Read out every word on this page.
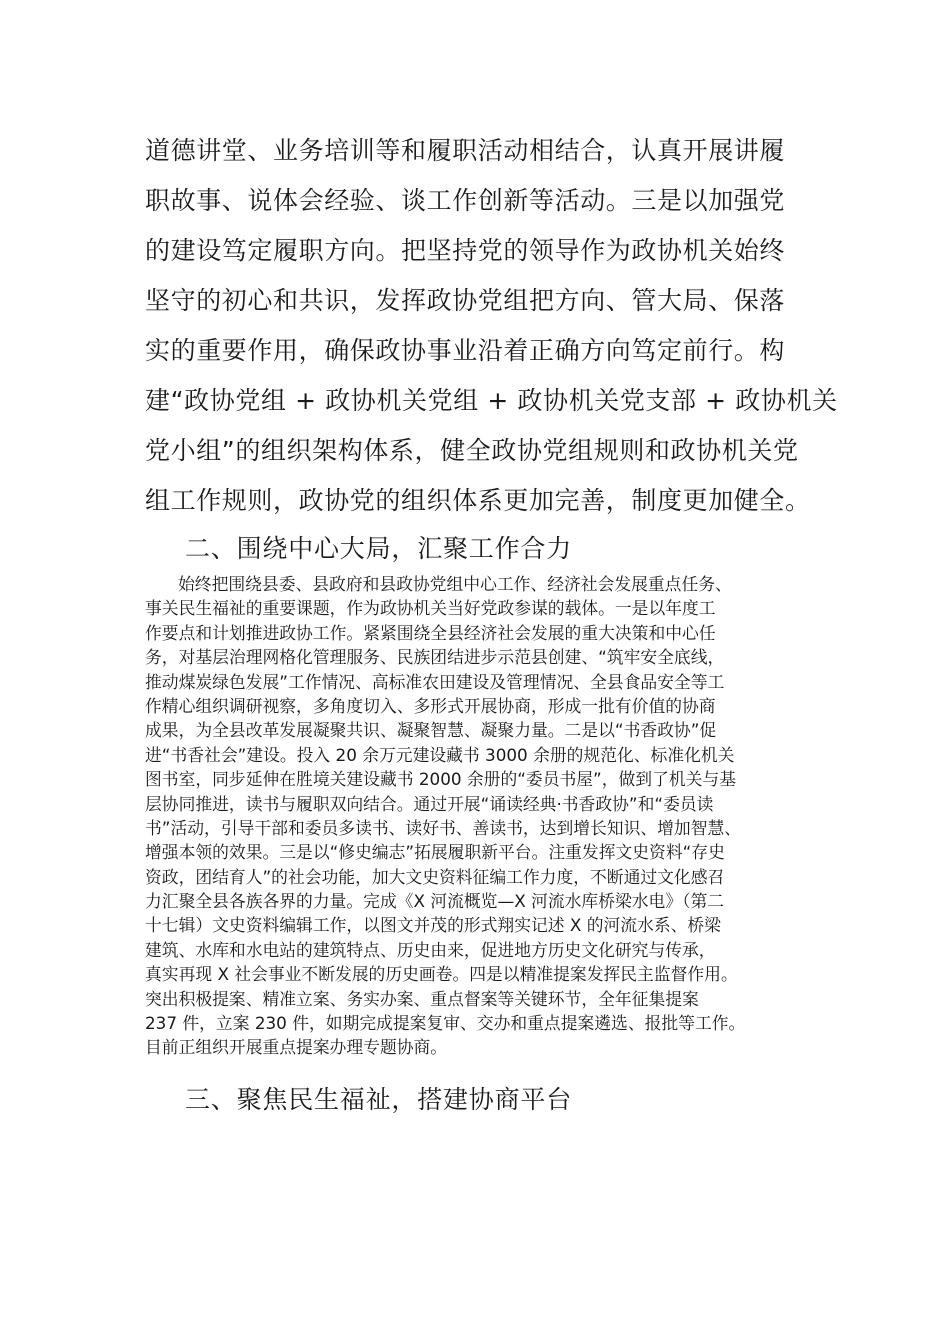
道德讲堂、业务培训等和履职活动相结合，认真开展讲履
职故事、说体会经验、谈工作创新等活动。三是以加强党
的建设笃定履职方向。把坚持党的领导作为政协机关始终
坚守的初心和共识，发挥政协党组把方向、管大局、保落
实的重要作用，确保政协事业沿着正确方向笃定前行。构
建“政协党组 + 政协机关党组 + 政协机关党支部 + 政协机关
党小组”的组织架构体系，健全政协党组规则和政协机关党
组工作规则，政协党的组织体系更加完善，制度更加健全。
二、围绕中心大局，汇聚工作合力
始终把围绕县委、县政府和县政协党组中心工作、经济社会发展重点任务、
事关民生福祉的重要课题，作为政协机关当好党政参谋的载体。一是以年度工
作要点和计划推进政协工作。紧紧围绕全县经济社会发展的重大决策和中心任
务，对基层治理网格化管理服务、民族团结进步示范县创建、“筑牢安全底线，
推动煤炭绿色发展”工作情况、高标准农田建设及管理情况、全县食品安全等工
作精心组织调研视察，多角度切入、多形式开展协商，形成一批有价值的协商
成果，为全县改革发展凝聚共识、凝聚智慧、凝聚力量。二是以“书香政协”促
进“书香社会”建设。投入 20 余万元建设藏书 3000 余册的规范化、标准化机关
图书室，同步延伸在胜境关建设藏书 2000 余册的“委员书屋”，做到了机关与基
层协同推进，读书与履职双向结合。通过开展“诵读经典·书香政协”和“委员读
书”活动，引导干部和委员多读书、读好书、善读书，达到增长知识、增加智慧、
增强本领的效果。三是以“修史编志”拓展履职新平台。注重发挥文史资料“存史
资政，团结育人”的社会功能，加大文史资料征编工作力度，不断通过文化感召
力汇聚全县各族各界的力量。完成《X 河流概览—X 河流水库桥梁水电》（第二
十七辑）文史资料编辑工作，以图文并茂的形式翔实记述 X 的河流水系、桥梁
建筑、水库和水电站的建筑特点、历史由来，促进地方历史文化研究与传承，
真实再现 X 社会事业不断发展的历史画卷。四是以精准提案发挥民主监督作用。
突出积极提案、精准立案、务实办案、重点督案等关键环节，全年征集提案
237 件，立案 230 件，如期完成提案复审、交办和重点提案遴选、报批等工作。
目前正组织开展重点提案办理专题协商。
三、聚焦民生福祉，搭建协商平台
